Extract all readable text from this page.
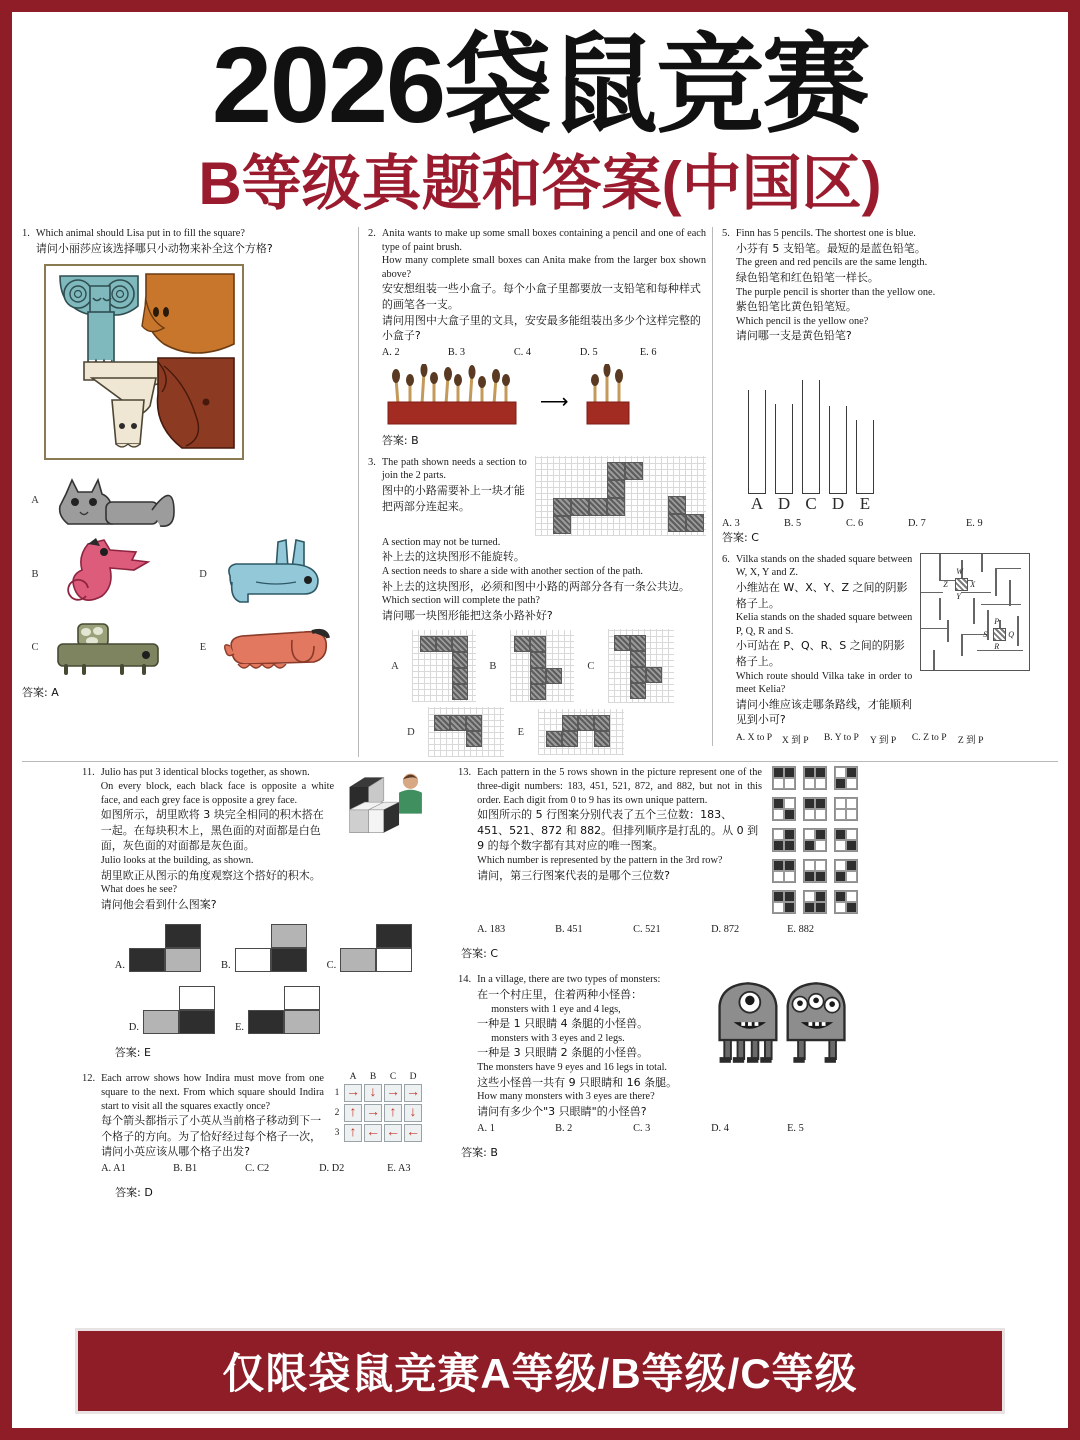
2026袋鼠竞赛
B等级真题和答案(中国区)
1. Which animal should Lisa put in to fill the square?
请问小丽莎应该选择哪只小动物来补全这个方格?
A
B
C
D
E
答案: A
2. Anita wants to make up some small boxes containing a pencil and one of each type of paint brush.
How many complete small boxes can Anita make from the larger box shown above?
安安想组装一些小盒子。每个小盒子里都要放一支铅笔和每种样式的画笔各一支。
请问用图中大盒子里的文具，安安最多能组装出多少个这样完整的小盒子?
A. 2	B. 3	C. 4	D. 5	E. 6
⟶
答案: B
3. The path shown needs a section to join the 2 parts.
图中的小路需要补上一块才能把两部分连起来。
A section may not be turned.
补上去的这块图形不能旋转。
A section needs to share a side with another section of the path.
补上去的这块图形，必须和图中小路的两部分各有一条公共边。
Which section will complete the path?
请问哪一块图形能把这条小路补好?
A	B	C
D	E
5. Finn has 5 pencils. The shortest one is blue.
小芬有 5 支铅笔。最短的是蓝色铅笔。
The green and red pencils are the same length.
绿色铅笔和红色铅笔一样长。
The purple pencil is shorter than the yellow one.
紫色铅笔比黄色铅笔短。
Which pencil is the yellow one?
请问哪一支是黄色铅笔?
A D C D E
A. 3	B. 5	C. 6	D. 7	E. 9
答案: C
6. Vilka stands on the shaded square between W, X, Y and Z.
小维站在 W、X、Y、Z 之间的阴影格子上。
Kelia stands on the shaded square between P, Q, R and S.
小可站在 P、Q、R、S 之间的阴影格子上。
Which route should Vilka take in order to meet Kelia?
请问小维应该走哪条路线，才能顺利见到小可?
W
X
Y
Z
P
Q
R
S
A. X to P	X 到 P	B. Y to P	Y 到 P	C. Z to P	Z 到 P
11. Julio has put 3 identical blocks together, as shown.
On every block, each black face is opposite a white face, and each grey face is opposite a grey face.
如图所示，胡里欧将 3 块完全相同的积木搭在一起。在每块积木上，黑色面的对面都是白色面，灰色面的对面都是灰色面。
Julio looks at the building, as shown.
胡里欧正从图示的角度观察这个搭好的积木。
What does he see?
请问他会看到什么图案?
A.	B.	C.
D.	E.
答案: E
12. Each arrow shows how Indira must move from one square to the next. From which square should Indira start to visit all the squares exactly once?
每个箭头都指示了小英从当前格子移动到下一个格子的方向。为了恰好经过每个格子一次，请问小英应该从哪个格子出发?
A	B	C	D
1 → ↓ → →
2 ↑ → ↑ ↓
3 ↑ ← ← ←
A. A1	B. B1	C. C2	D. D2	E. A3
答案: D
13. Each pattern in the 5 rows shown in the picture represent one of the three-digit numbers: 183, 451, 521, 872, and 882, but not in this order. Each digit from 0 to 9 has its own unique pattern.
如图所示的 5 行图案分别代表了五个三位数：183、451、521、872 和 882。但排列顺序是打乱的。从 0 到 9 的每个数字都有其对应的唯一图案。
Which number is represented by the pattern in the 3rd row?
请问，第三行图案代表的是哪个三位数?
A. 183	B. 451	C. 521	D. 872	E. 882
答案: C
14. In a village, there are two types of monsters:
在一个村庄里，住着两种小怪兽：
monsters with 1 eye and 4 legs,
一种是 1 只眼睛 4 条腿的小怪兽。
monsters with 3 eyes and 2 legs.
一种是 3 只眼睛 2 条腿的小怪兽。
The monsters have 9 eyes and 16 legs in total.
这些小怪兽一共有 9 只眼睛和 16 条腿。
How many monsters with 3 eyes are there?
请问有多少个"3 只眼睛"的小怪兽?
A. 1	B. 2	C. 3	D. 4	E. 5
答案: B
仅限袋鼠竞赛A等级/B等级/C等级
